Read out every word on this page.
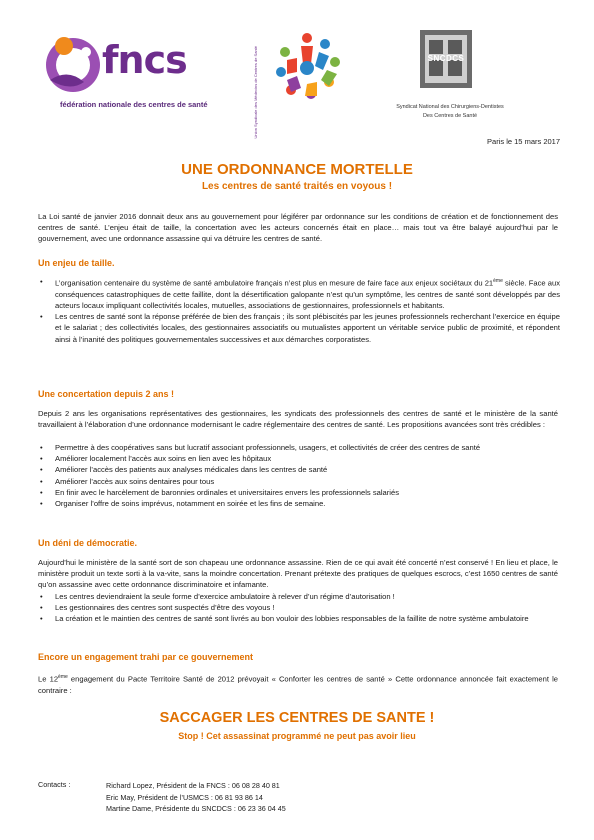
fncs
fédération nationale des centres de santé	Union Syndicale des Médecins de Centres de Santé	SNCDCS
Syndicat National des Chirurgiens-Dentistes
Des Centres de Santé
Paris le 15 mars 2017
UNE ORDONNANCE MORTELLE
Les centres de santé traités en voyous !
La Loi santé de janvier 2016 donnait deux ans au gouvernement pour légiférer par ordonnance sur les conditions de création et de fonctionnement des centres de santé. L’enjeu était de taille, la concertation avec les acteurs concernés était en place… mais tout va être balayé aujourd’hui par le gouvernement, avec une ordonnance assassine qui va détruire les centres de santé.
Un enjeu de taille.
• L’organisation centenaire du système de santé ambulatoire français n’est plus en mesure de faire face aux enjeux sociétaux du 21ème siècle. Face aux conséquences catastrophiques de cette faillite, dont la désertification galopante n’est qu’un symptôme, les centres de santé sont développés par des acteurs locaux impliquant collectivités locales, mutuelles, associations de gestionnaires, professionnels et habitants.
• Les centres de santé sont la réponse préférée de bien des français ; ils sont plébiscités par les jeunes professionnels recherchant l’exercice en équipe et le salariat ; des collectivités locales, des gestionnaires associatifs ou mutualistes apportent un véritable service public de proximité, et répondent ainsi à l’inanité des politiques gouvernementales successives et aux démarches corporatistes.
Une concertation depuis 2 ans !
Depuis 2 ans les organisations représentatives des gestionnaires, les syndicats des professionnels des centres de santé et le ministère de la santé travaillaient à l’élaboration d’une ordonnance modernisant le cadre réglementaire des centres de santé. Les propositions avancées sont très crédibles :
• Permettre à des coopératives sans but lucratif associant professionnels, usagers, et collectivités de créer des centres de santé
• Améliorer localement l’accès aux soins en lien avec les hôpitaux
• Améliorer l’accès des patients aux analyses médicales dans les centres de santé
• Améliorer l’accès aux soins dentaires pour tous
• En finir avec le harcèlement de baronnies ordinales et universitaires envers les professionnels salariés
• Organiser l’offre de soins imprévus, notamment en soirée et les fins de semaine.
Un déni de démocratie.
Aujourd’hui le ministère de la santé sort de son chapeau une ordonnance assassine. Rien de ce qui avait été concerté n’est conservé ! En lieu et place, le ministère produit un texte sorti à la va-vite, sans la moindre concertation. Prenant prétexte des pratiques de quelques escrocs, c’est 1650 centres de santé qu’on assassine avec cette ordonnance discriminatoire et infamante.
• Les centres deviendraient la seule forme d’exercice ambulatoire à relever d’un régime d’autorisation !
• Les gestionnaires des centres sont suspectés d’être des voyous !
• La création et le maintien des centres de santé sont livrés au bon vouloir des lobbies responsables de la faillite de notre système ambulatoire
Encore un engagement trahi par ce gouvernement
Le 12ème engagement du Pacte Territoire Santé de 2012 prévoyait « Conforter les centres de santé » Cette ordonnance annoncée fait exactement le contraire :
SACCAGER LES CENTRES DE SANTE !
Stop ! Cet assassinat programmé ne peut pas avoir lieu
Contacts :	Richard Lopez, Président de la FNCS : 06 08 28 40 81
Eric May, Président de l’USMCS : 06 81 93 86 14
Martine Dame, Présidente du SNCDCS : 06 23 36 04 45
